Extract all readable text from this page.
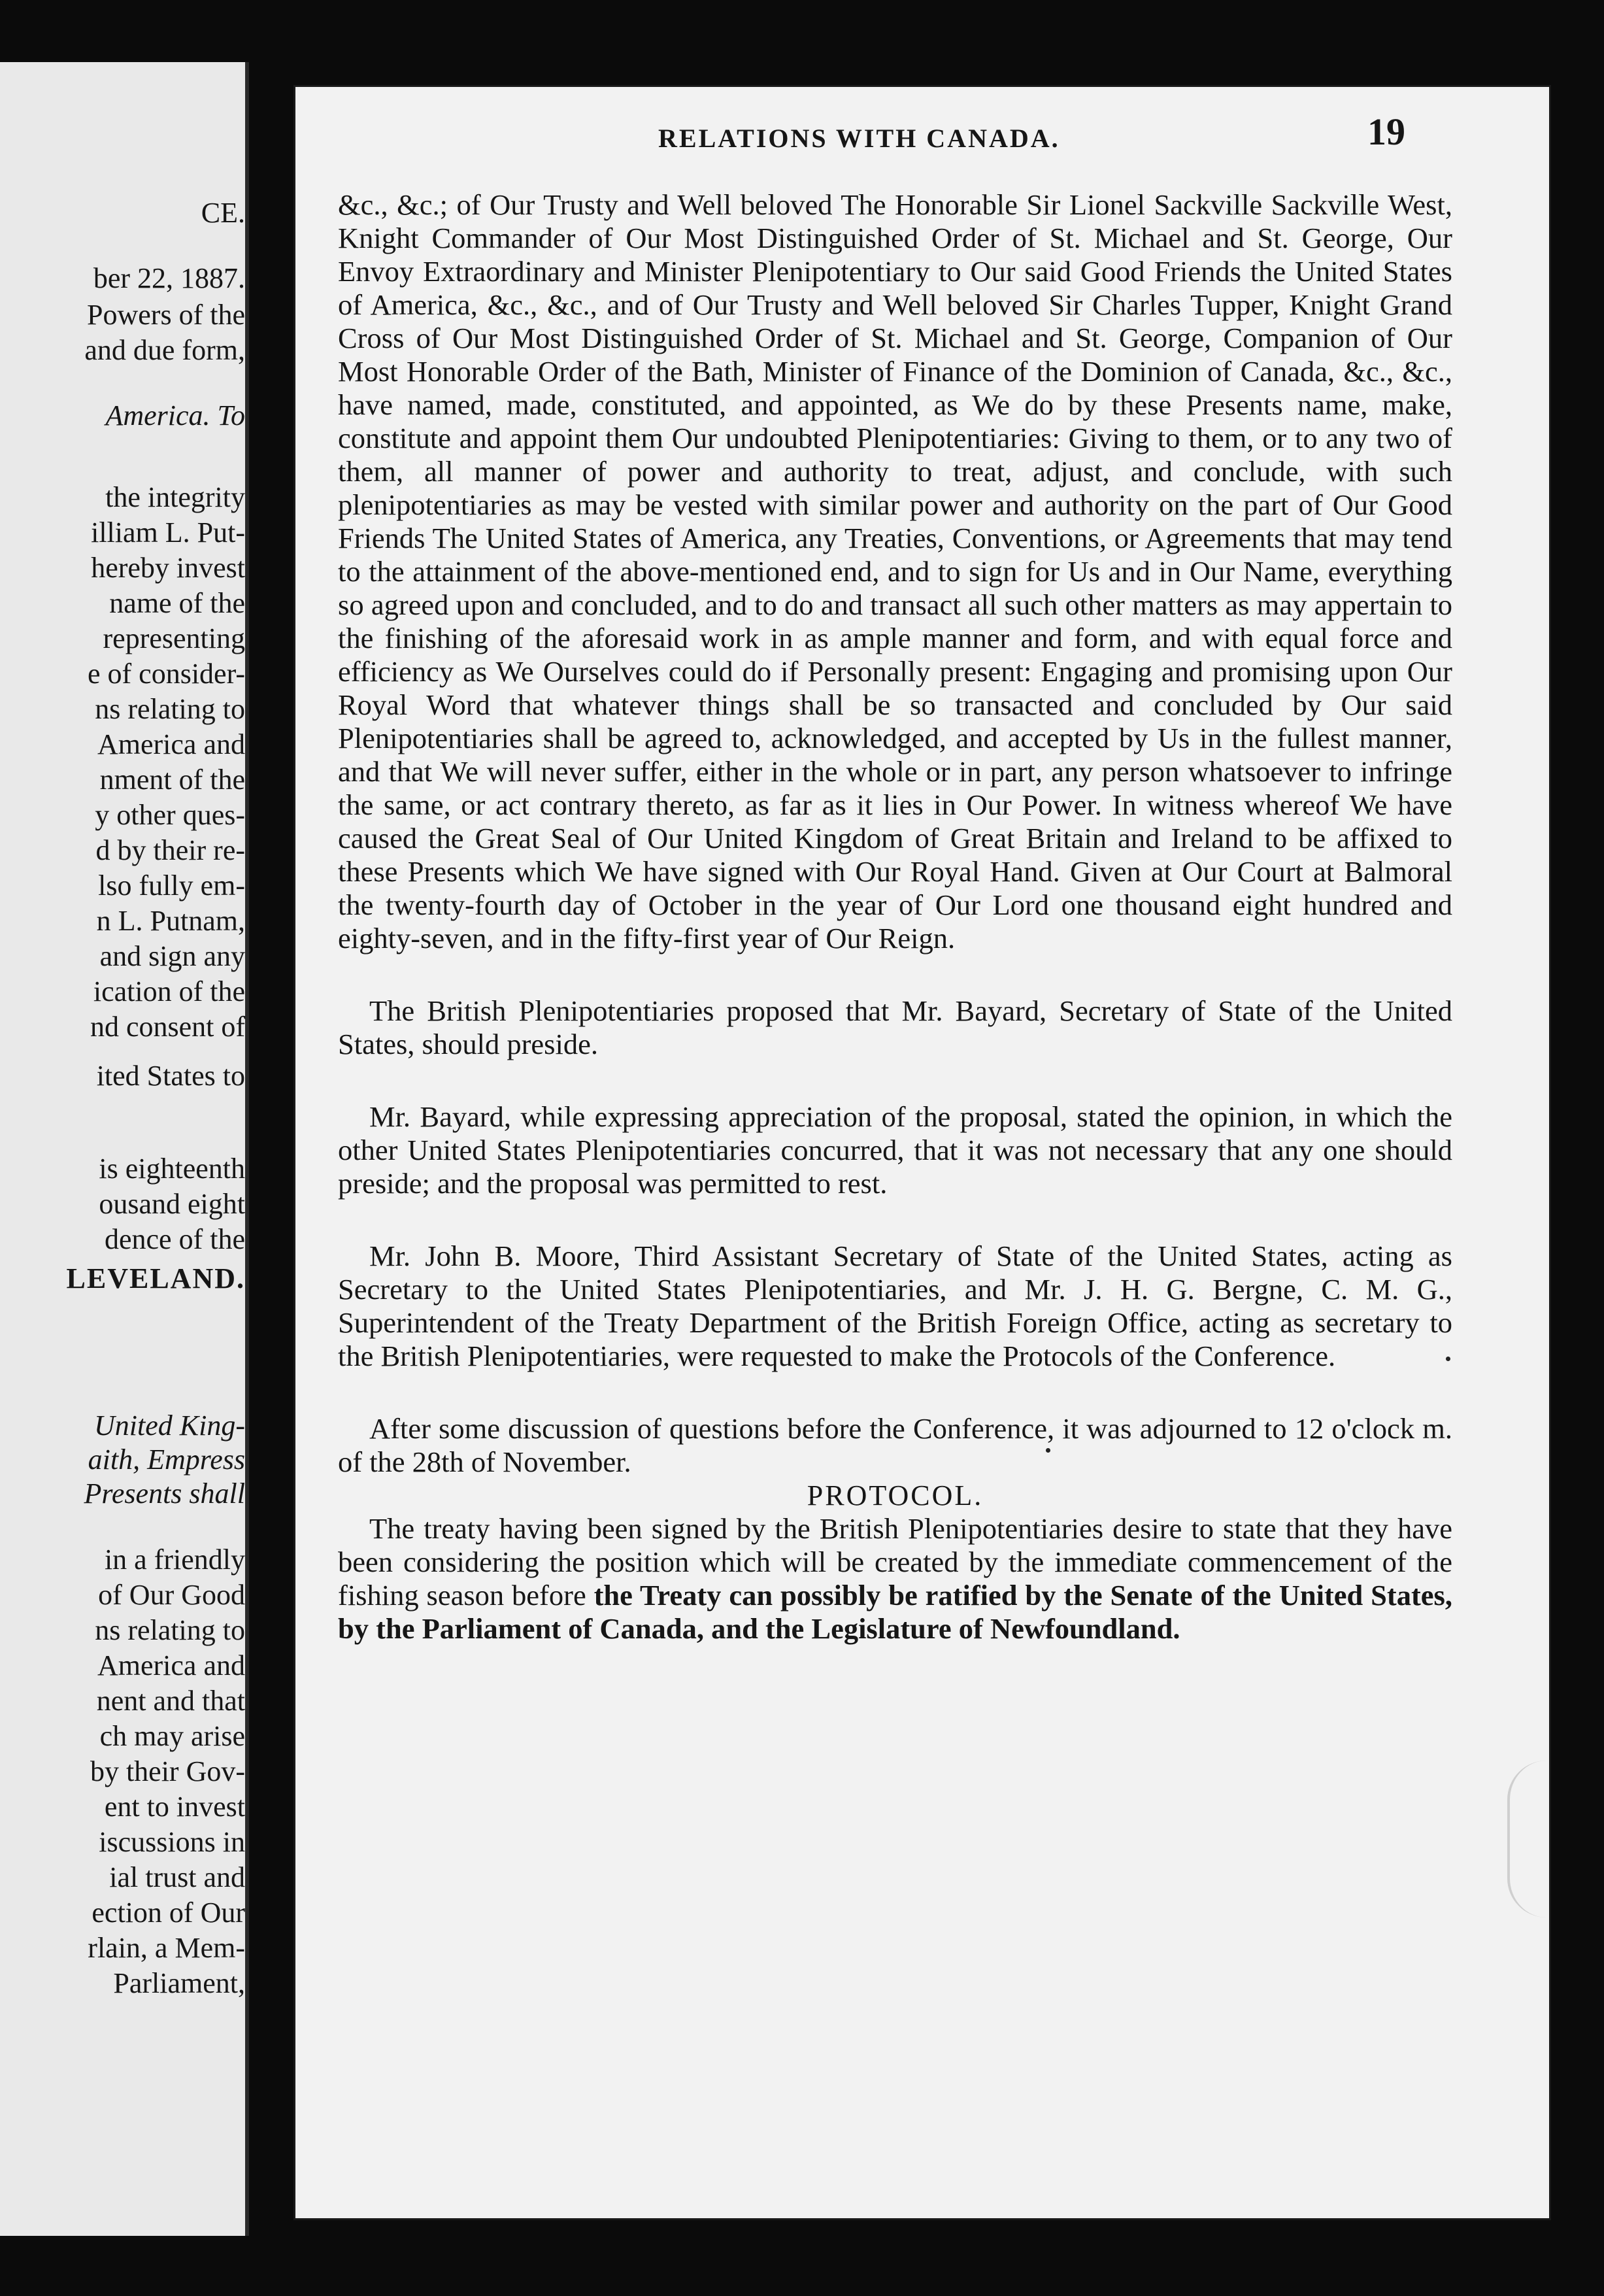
CE.
ber 22, 1887.
Powers of the
and due form,
America. To
the integrity
illiam L. Put-
hereby invest
name of the
representing
e of consider-
ns relating to
America and
nment of the
y other ques-
d by their re-
lso fully em-
n L. Putnam,
and sign any
ication of the
nd consent of
ited States to
is eighteenth
ousand eight
dence of the
LEVELAND.
United King-
aith, Empress
Presents shall
in a friendly
of Our Good
ns relating to
America and
nent and that
ch may arise
by their Gov-
ent to invest
iscussions in
ial trust and
ection of Our
rlain, a Mem-
Parliament,
RELATIONS WITH CANADA.	19

&c., &c.; of Our Trusty and Well beloved The Honorable Sir Lionel Sackville Sackville West, Knight Commander of Our Most Distinguished Order of St. Michael and St. George, Our Envoy Extraordinary and Minister Plenipotentiary to Our said Good Friends the United States of America, &c., &c., and of Our Trusty and Well beloved Sir Charles Tupper, Knight Grand Cross of Our Most Distinguished Order of St. Michael and St. George, Companion of Our Most Honorable Order of the Bath, Minister of Finance of the Dominion of Canada, &c., &c., have named, made, constituted, and appointed, as We do by these Presents name, make, constitute and appoint them Our undoubted Plenipotentiaries: Giving to them, or to any two of them, all manner of power and authority to treat, adjust, and conclude, with such plenipotentiaries as may be vested with similar power and authority on the part of Our Good Friends The United States of America, any Treaties, Conventions, or Agreements that may tend to the attainment of the above-mentioned end, and to sign for Us and in Our Name, everything so agreed upon and concluded, and to do and transact all such other matters as may appertain to the finishing of the aforesaid work in as ample manner and form, and with equal force and efficiency as We Ourselves could do if Personally present: Engaging and promising upon Our Royal Word that whatever things shall be so transacted and concluded by Our said Plenipotentiaries shall be agreed to, acknowledged, and accepted by Us in the fullest manner, and that We will never suffer, either in the whole or in part, any person whatsoever to infringe the same, or act contrary thereto, as far as it lies in Our Power. In witness whereof We have caused the Great Seal of Our United Kingdom of Great Britain and Ireland to be affixed to these Presents which We have signed with Our Royal Hand. Given at Our Court at Balmoral the twenty-fourth day of October in the year of Our Lord one thousand eight hundred and eighty-seven, and in the fifty-first year of Our Reign.

The British Plenipotentiaries proposed that Mr. Bayard, Secretary of State of the United States, should preside.

Mr. Bayard, while expressing appreciation of the proposal, stated the opinion, in which the other United States Plenipotentiaries concurred, that it was not necessary that any one should preside; and the proposal was permitted to rest.

Mr. John B. Moore, Third Assistant Secretary of State of the United States, acting as Secretary to the United States Plenipotentiaries, and Mr. J. H. G. Bergne, C. M. G., Superintendent of the Treaty Department of the British Foreign Office, acting as secretary to the British Plenipotentiaries, were requested to make the Protocols of the Conference.

After some discussion of questions before the Conference, it was adjourned to 12 o'clock m. of the 28th of November.

PROTOCOL.

The treaty having been signed by the British Plenipotentiaries desire to state that they have been considering the position which will be created by the immediate commencement of the fishing season before the Treaty can possibly be ratified by the Senate of the United States, by the Parliament of Canada, and the Legislature of Newfoundland.
